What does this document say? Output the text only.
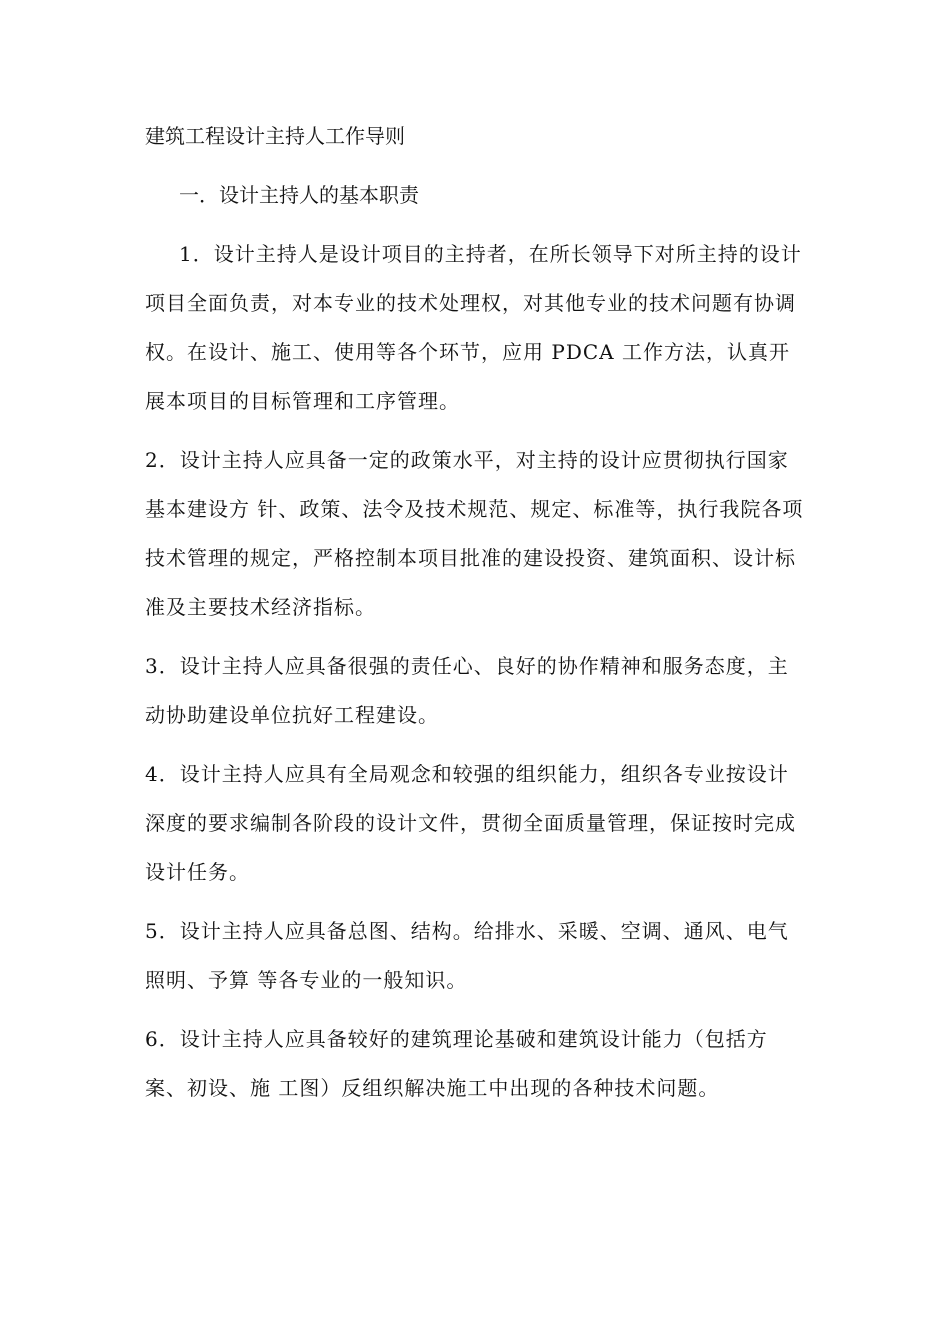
建筑工程设计主持人工作导则
一．设计主持人的基本职责
1．设计主持人是设计项目的主持者，在所长领导下对所主持的设计项目全面负责，对本专业的技术处理权，对其他专业的技术问题有协调权。在设计、施工、使用等各个环节，应用 PDCA 工作方法，认真开展本项目的目标管理和工序管理。
2．设计主持人应具备一定的政策水平，对主持的设计应贯彻执行国家基本建设方 针、政策、法令及技术规范、规定、标准等，执行我院各项技术管理的规定，严格控制本项目批准的建设投资、建筑面积、设计标准及主要技术经济指标。
3．设计主持人应具备很强的责任心、良好的协作精神和服务态度，主动协助建设单位抗好工程建设。
4．设计主持人应具有全局观念和较强的组织能力，组织各专业按设计深度的要求编制各阶段的设计文件，贯彻全面质量管理，保证按时完成设计任务。
5．设计主持人应具备总图、结构。给排水、采暖、空调、通风、电气照明、予算 等各专业的一般知识。
6．设计主持人应具备较好的建筑理论基破和建筑设计能力（包括方案、初设、施 工图）反组织解决施工中出现的各种技术问题。
